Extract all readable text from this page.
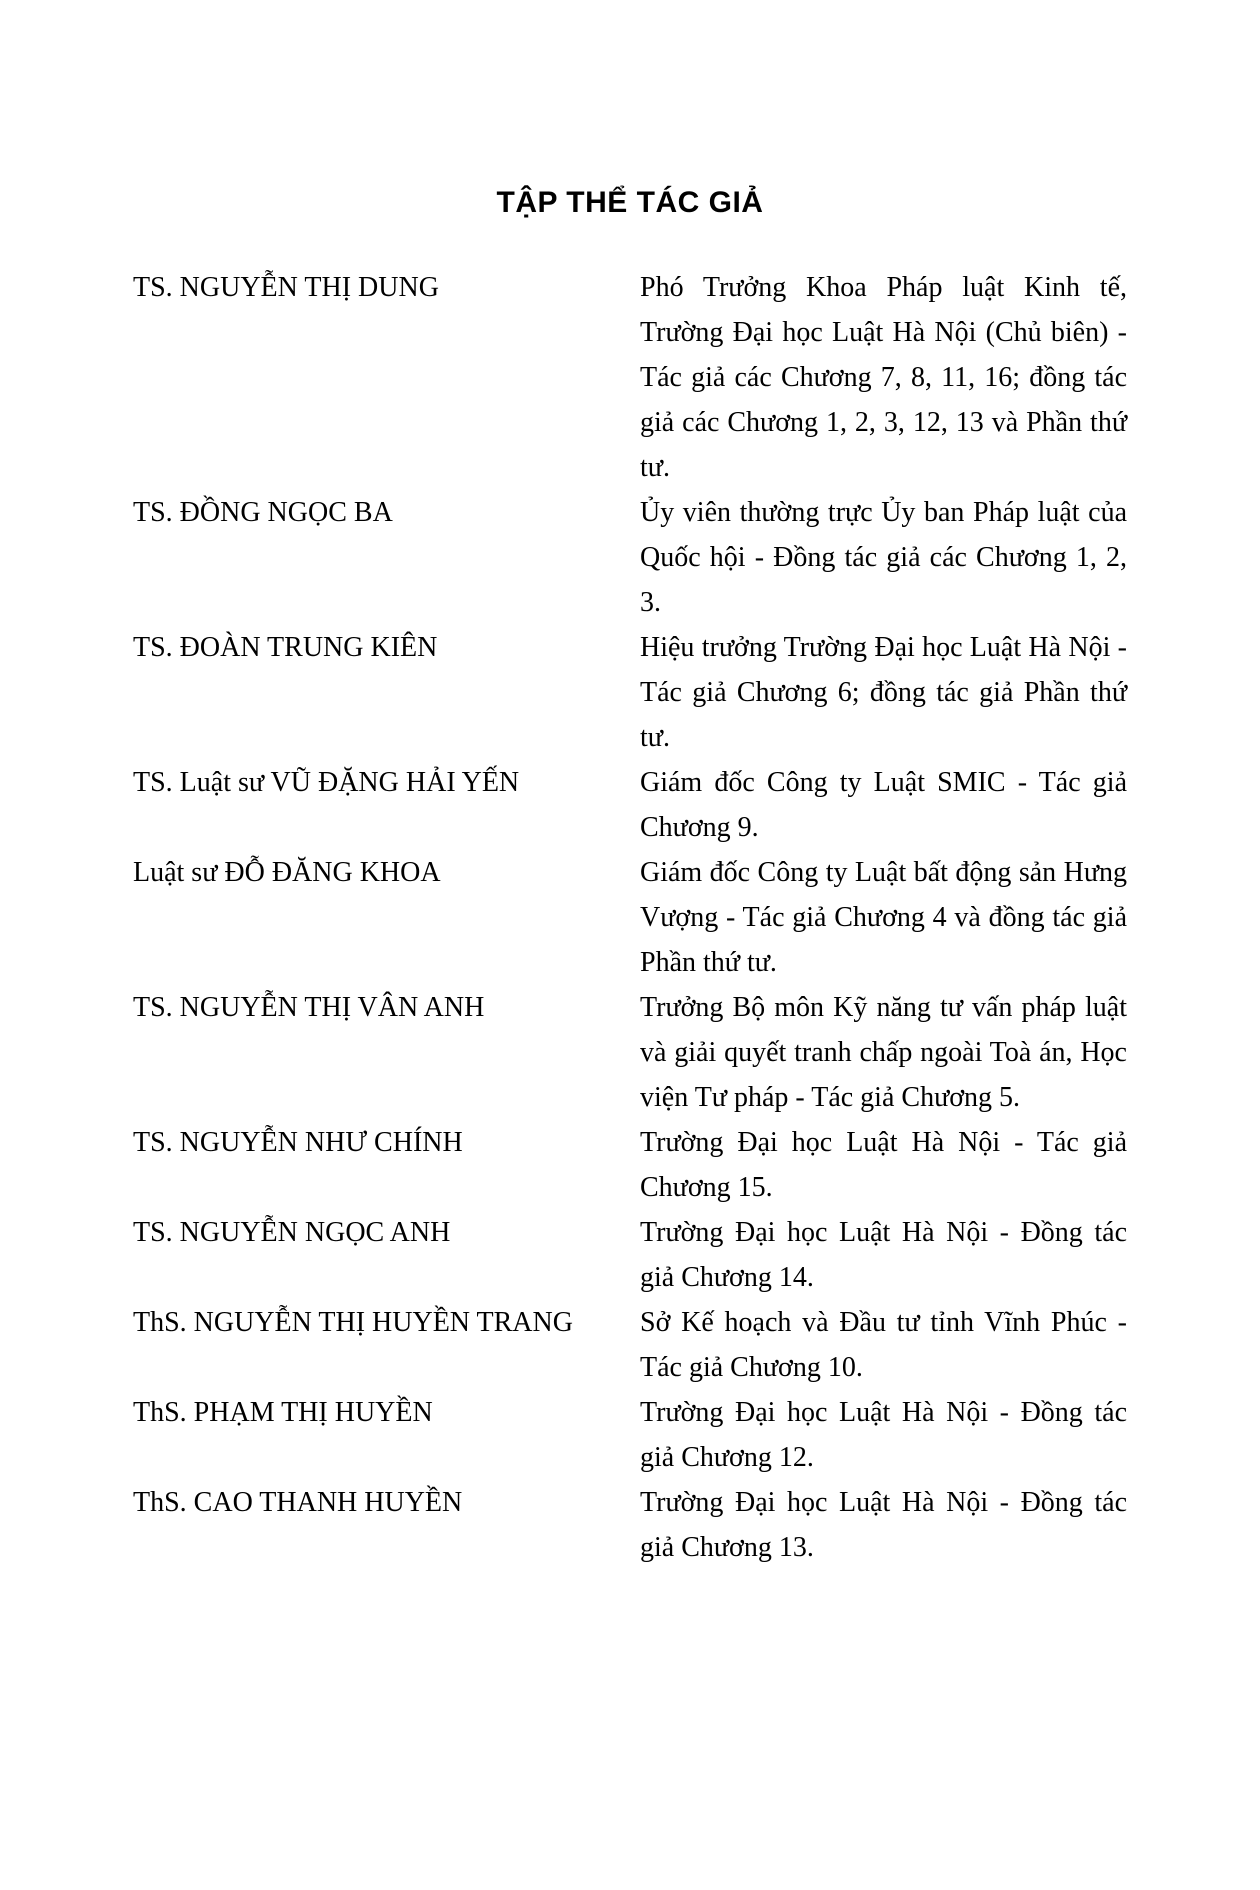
TẬP THỂ TÁC GIẢ
TS. NGUYỄN THỊ DUNG	Phó Trưởng Khoa Pháp luật Kinh tế, Trường Đại học Luật Hà Nội (Chủ biên) - Tác giả các Chương 7, 8, 11, 16; đồng tác giả các Chương 1, 2, 3, 12, 13 và Phần thứ tư.
TS. ĐỒNG NGỌC BA	Ủy viên thường trực Ủy ban Pháp luật của Quốc hội - Đồng tác giả các Chương 1, 2, 3.
TS. ĐOÀN TRUNG KIÊN	Hiệu trưởng Trường Đại học Luật Hà Nội - Tác giả Chương 6; đồng tác giả Phần thứ tư.
TS. Luật sư VŨ ĐẶNG HẢI YẾN	Giám đốc Công ty Luật SMIC - Tác giả Chương 9.
Luật sư ĐỖ ĐĂNG KHOA	Giám đốc Công ty Luật bất động sản Hưng Vượng - Tác giả Chương 4 và đồng tác giả Phần thứ tư.
TS. NGUYỄN THỊ VÂN ANH	Trưởng Bộ môn Kỹ năng tư vấn pháp luật và giải quyết tranh chấp ngoài Toà án, Học viện Tư pháp - Tác giả Chương 5.
TS. NGUYỄN NHƯ CHÍNH	Trường Đại học Luật Hà Nội - Tác giả Chương 15.
TS. NGUYỄN NGỌC ANH	Trường Đại học Luật Hà Nội - Đồng tác giả Chương 14.
ThS. NGUYỄN THỊ HUYỀN TRANG	Sở Kế hoạch và Đầu tư tỉnh Vĩnh Phúc - Tác giả Chương 10.
ThS. PHẠM THỊ HUYỀN	Trường Đại học Luật Hà Nội - Đồng tác giả Chương 12.
ThS. CAO THANH HUYỀN	Trường Đại học Luật Hà Nội - Đồng tác giả Chương 13.
